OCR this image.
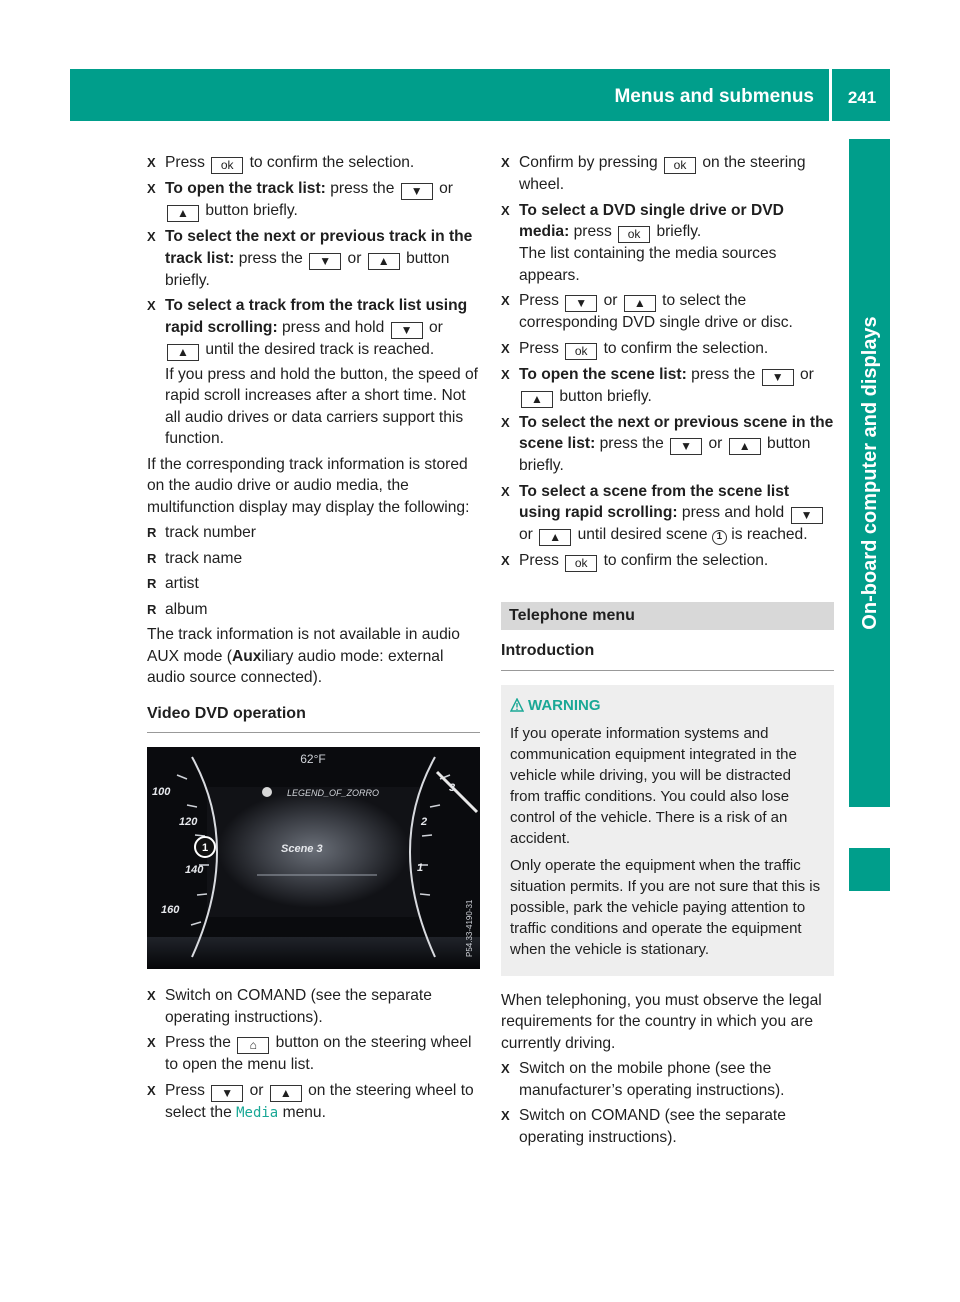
Menus and submenus	241
On-board computer and displays
X Press ok to confirm the selection.
X To open the track list: press the ▼ or ▲ button briefly.
X To select the next or previous track in the track list: press the ▼ or ▲ button briefly.
X To select a track from the track list using rapid scrolling: press and hold ▼ or ▲ until the desired track is reached.
If you press and hold the button, the speed of rapid scroll increases after a short time. Not all audio drives or data carriers support this function.
If the corresponding track information is stored on the audio drive or audio media, the multifunction display may display the following:
R track number
R track name
R artist
R album
The track information is not available in audio AUX mode (Auxiliary audio mode: external audio source connected).
Video DVD operation
1
62°F
LEGEND_OF_ZORRO
Scene 3
100
120
140
160
3
2
1
P54.33-4190-31
X Switch on COMAND (see the separate operating instructions).
X Press the ⌂ button on the steering wheel to open the menu list.
X Press ▼ or ▲ on the steering wheel to select the Media menu.
X Confirm by pressing ok on the steering wheel.
X To select a DVD single drive or DVD media: press ok briefly.
The list containing the media sources appears.
X Press ▼ or ▲ to select the corresponding DVD single drive or disc.
X Press ok to confirm the selection.
X To open the scene list: press the ▼ or ▲ button briefly.
X To select the next or previous scene in the scene list: press the ▼ or ▲ button briefly.
X To select a scene from the scene list using rapid scrolling: press and hold ▼ or ▲ until desired scene 1 is reached.
X Press ok to confirm the selection.
Telephone menu
Introduction
WARNING

If you operate information systems and communication equipment integrated in the vehicle while driving, you will be distracted from traffic conditions. You could also lose control of the vehicle. There is a risk of an accident.

Only operate the equipment when the traffic situation permits. If you are not sure that this is possible, park the vehicle paying attention to traffic conditions and operate the equipment when the vehicle is stationary.

When telephoning, you must observe the legal requirements for the country in which you are currently driving.
X Switch on the mobile phone (see the manufacturer’s operating instructions).
X Switch on COMAND (see the separate operating instructions).
